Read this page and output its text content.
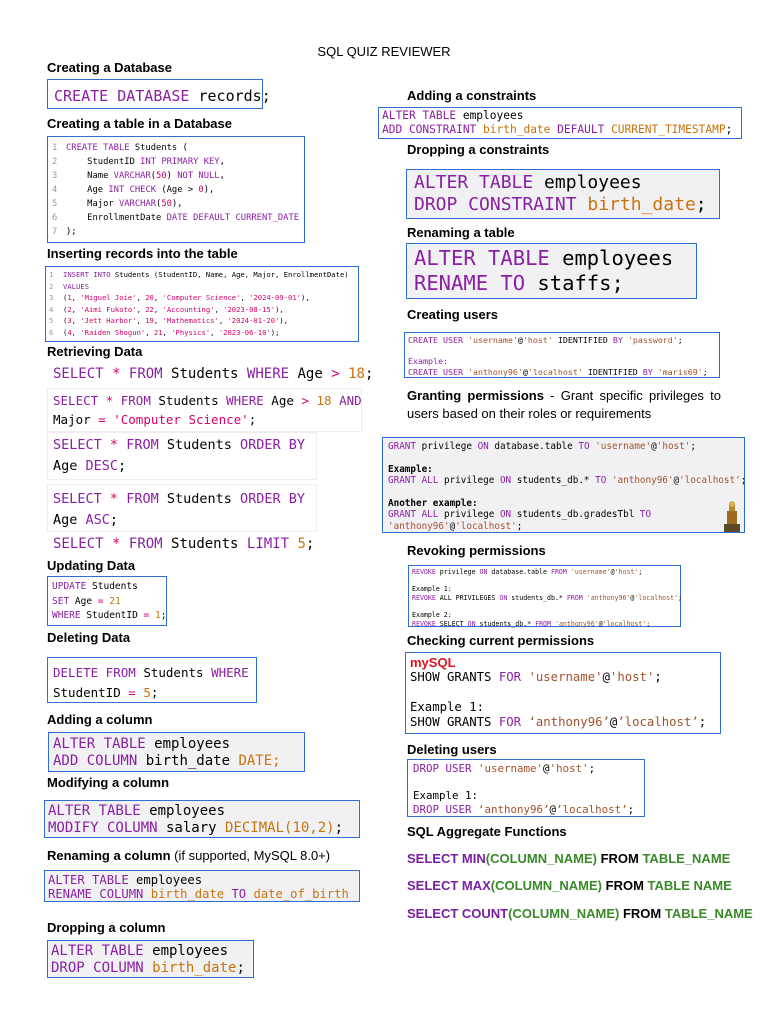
SQL QUIZ REVIEWER
Creating a Database
CREATE DATABASE records;
Creating a table in a Database
1 CREATE TABLE Students (
2    StudentID INT PRIMARY KEY,
3    Name VARCHAR(50) NOT NULL,
4    Age INT CHECK (Age > 0),
5    Major VARCHAR(50),
6    EnrollmentDate DATE DEFAULT CURRENT_DATE
7 );
Inserting records into the table
1 INSERT INTO Students (StudentID, Name, Age, Major, EnrollmentDate)
2 VALUES
3 (1, 'Miguel Joie', 20, 'Computer Science', '2024-09-01'),
4 (2, 'Aimi Fukoto', 22, 'Accounting', '2023-08-15'),
5 (3, 'Jett Harbor', 19, 'Mathematics', '2024-01-20'),
6 (4, 'Raiden Shogun', 21, 'Physics', '2023-06-10');
Retrieving Data
SELECT * FROM Students WHERE Age > 18;
SELECT * FROM Students WHERE Age > 18 AND
Major = 'Computer Science';
SELECT * FROM Students ORDER BY
Age DESC;
SELECT * FROM Students ORDER BY
Age ASC;
SELECT * FROM Students LIMIT 5;
Updating Data
UPDATE Students
SET Age = 21
WHERE StudentID = 1;
Deleting Data
DELETE FROM Students WHERE
StudentID = 5;
Adding a column
ALTER TABLE employees
ADD COLUMN birth_date DATE;
Modifying a column
ALTER TABLE employees
MODIFY COLUMN salary DECIMAL(10,2);
Renaming a column (if supported, MySQL 8.0+)
ALTER TABLE employees
RENAME COLUMN birth_date TO date_of_birth
Dropping a column
ALTER TABLE employees
DROP COLUMN birth_date;
Adding a constraints
ALTER TABLE employees
ADD CONSTRAINT birth_date DEFAULT CURRENT_TIMESTAMP;
Dropping a constraints
ALTER TABLE employees
DROP CONSTRAINT birth_date;
Renaming a table
ALTER TABLE employees
RENAME TO staffs;
Creating users
CREATE USER 'username'@'host' IDENTIFIED BY 'password';

Example:
CREATE USER 'anthony96'@'localhost' IDENTIFIED BY 'maris69';
Granting permissions - Grant specific privileges to users based on their roles or requirements
GRANT privilege ON database.table TO 'username'@'host';

Example:
GRANT ALL privilege ON students_db.* TO 'anthony96'@'localhost';

Another example:
GRANT ALL privilege ON students_db.gradesTbl TO
'anthony96'@'localhost';
Revoking permissions
REVOKE privilege ON database.table FROM 'username'@'host';

Example 1:
REVOKE ALL PRIVILEGES ON students_db.* FROM 'anthony96'@'localhost';

Example 2:
REVOKE SELECT ON students_db.* FROM 'anthony96'@'localhost';
Checking current permissions
mySQL
SHOW GRANTS FOR 'username'@'host';

Example 1:
SHOW GRANTS FOR ‘anthony96’@’localhost’;
Deleting users
DROP USER 'username'@'host';

Example 1:
DROP USER ‘anthony96’@’localhost’;
SQL Aggregate Functions
SELECT MIN(COLUMN_NAME) FROM TABLE_NAME
SELECT MAX(COLUMN_NAME) FROM TABLE NAME
SELECT COUNT(COLUMN_NAME) FROM TABLE_NAME
